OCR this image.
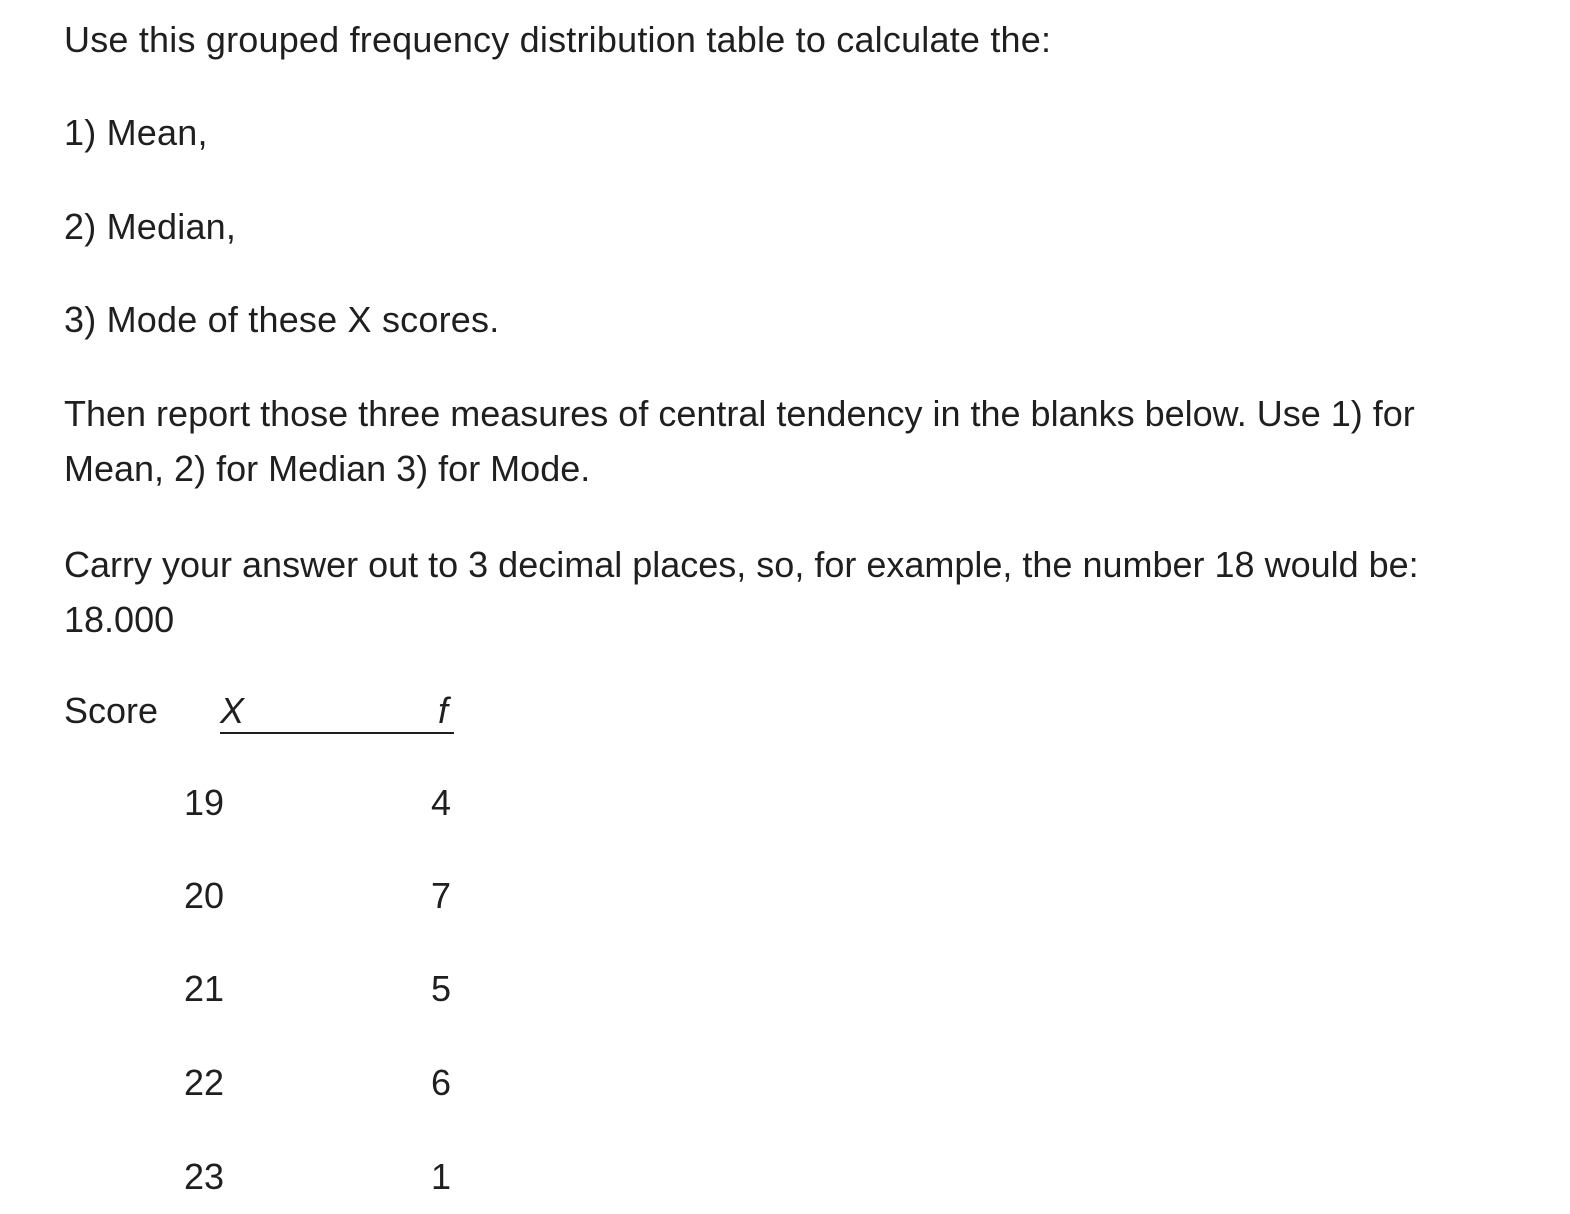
Use this grouped frequency distribution table to calculate the:
1) Mean,
2) Median,
3) Mode of these X scores.
Then report those three measures of central tendency in the blanks below. Use 1) for Mean, 2) for Median 3) for Mode.
Carry your answer out to 3 decimal places, so, for example, the number 18 would be: 18.000
Score X	f
19	4
20	7
21	5
22	6
23	1
